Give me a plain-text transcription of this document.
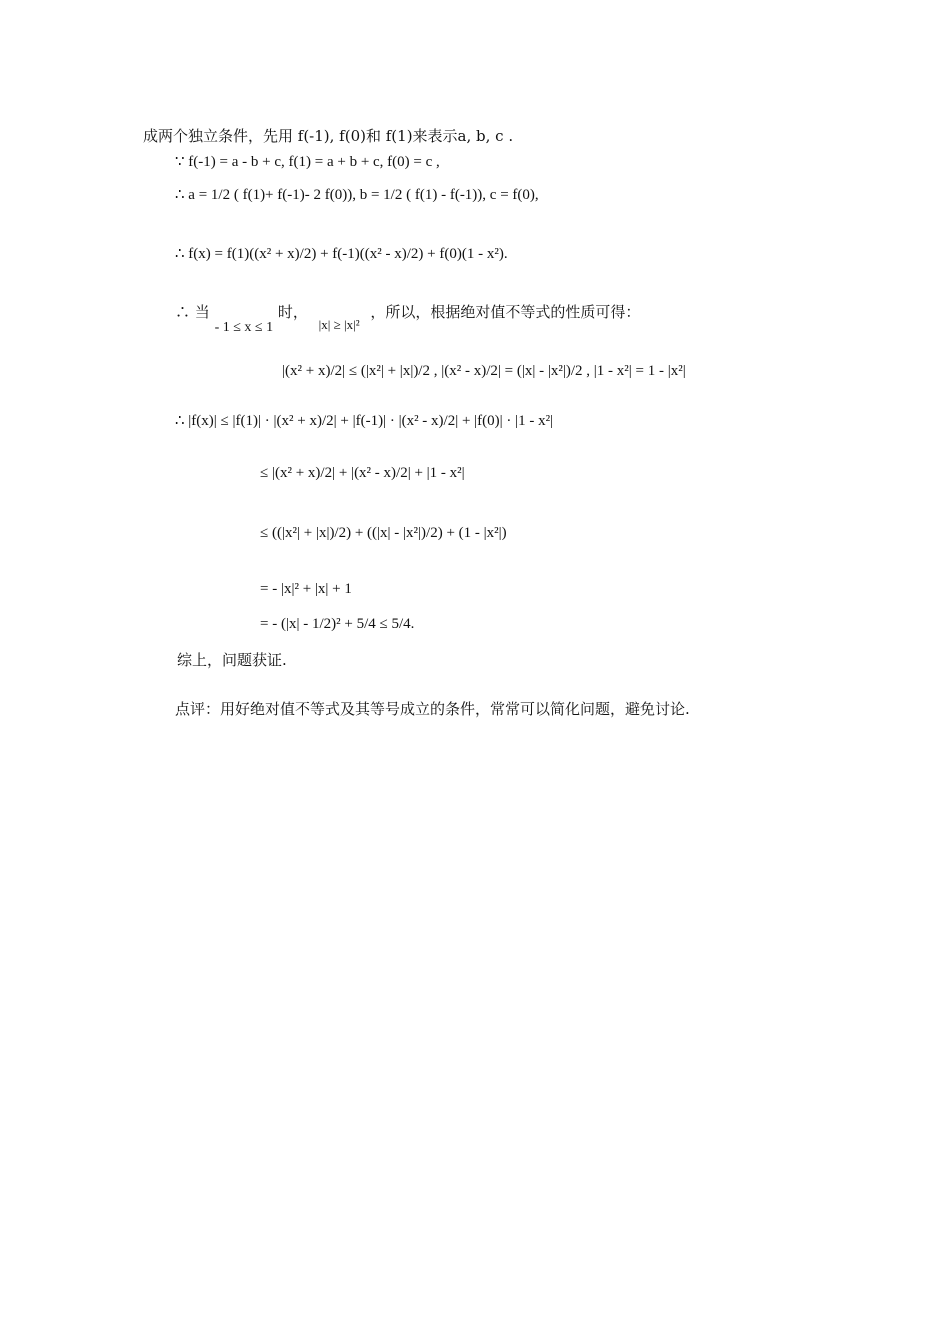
成两个独立条件，先用 f(-1), f(0)和 f(1)来表示a, b, c .
∵ f(-1) = a - b + c, f(1) = a + b + c, f(0) = c ,
∴ a = 1/2 ( f(1)+ f(-1)- 2 f(0)), b = 1/2 ( f(1) - f(-1)), c = f(0),
∴ f(x) = f(1)((x² + x)/2) + f(-1)((x² - x)/2) + f(0)(1 - x²).
∴ 当 - 1 ≤ x ≤ 1 时， |x| ≥ |x|² ，所以，根据绝对值不等式的性质可得：
|(x² + x)/2| ≤ (|x²| + |x|)/2 , |(x² - x)/2| = (|x| - |x²|)/2 , |1 - x²| = 1 - |x²|
∴ |f(x)| ≤ |f(1)| · |(x² + x)/2| + |f(-1)| · |(x² - x)/2| + |f(0)| · |1 - x²|
≤ |(x² + x)/2| + |(x² - x)/2| + |1 - x²|
≤ ((|x²| + |x|)/2) + ((|x| - |x²|)/2) + (1 - |x²|)
= - |x|² + |x| + 1
= - (|x| - 1/2)² + 5/4 ≤ 5/4.
综上，问题获证.
点评：用好绝对值不等式及其等号成立的条件，常常可以简化问题，避免讨论.
